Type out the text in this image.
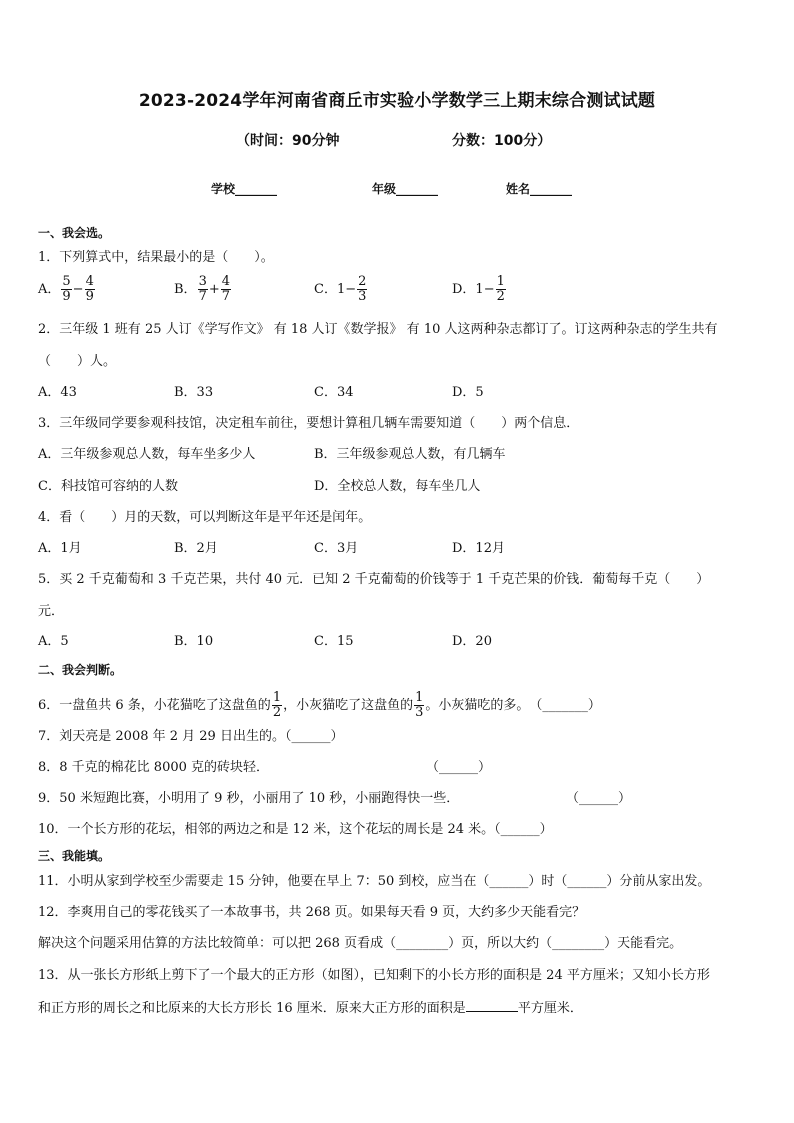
2023-2024学年河南省商丘市实验小学数学三上期末综合测试试题
（时间：90分钟	分数：100分）
学校_______	年级_______	姓名_______
一、我会选。
1．下列算式中，结果最小的是（　　）。
A． $\frac{5}{9} - \frac{4}{9}$	B． $\frac{3}{7} + \frac{4}{7}$	C．$1- \frac{2}{3}$	D．$1- \frac{1}{2}$
2．三年级 1 班有 25 人订《学写作文》 有 18 人订《数学报》 有 10 人这两种杂志都订了。订这两种杂志的学生共有
（　　）人。
A．43	B．33	C．34	D．5
3．三年级同学要参观科技馆，决定租车前往，要想计算租几辆车需要知道（　　）两个信息．
A．三年级参观总人数，每车坐多少人	B．三年级参观总人数，有几辆车
C．科技馆可容纳的人数	D．全校总人数，每车坐几人
4．看（　　）月的天数，可以判断这年是平年还是闰年。
A．1月	B．2月	C．3月	D．12月
5．买 2 千克葡萄和 3 千克芒果，共付 40 元．已知 2 千克葡萄的价钱等于 1 千克芒果的价钱．葡萄每千克（　　）
元．
A．5	B．10	C．15	D．20
二、我会判断。
6．一盘鱼共 6 条，小花猫吃了这盘鱼的 $\frac{1}{2}$ ，小灰猫吃了这盘鱼的 $\frac{1}{3}$ 。小灰猫吃的多。　（_______）
7．刘天亮是 2008 年 2 月 29 日出生的。（______）
8．8 千克的棉花比 8000 克的砖块轻．	（______）
9．50 米短跑比赛，小明用了 9 秒，小丽用了 10 秒，小丽跑得快一些．	（______）
10．一个长方形的花坛，相邻的两边之和是 12 米，这个花坛的周长是 24 米。（______）
三、我能填。
11．小明从家到学校至少需要走 15 分钟，他要在早上 7：50 到校，应当在（______）时（______）分前从家出发。
12．李爽用自己的零花钱买了一本故事书，共 268 页。如果每天看 9 页，大约多少天能看完？
解决这个问题采用估算的方法比较简单：可以把 268 页看成（________）页，所以大约（________）天能看完。
13．从一张长方形纸上剪下了一个最大的正方形（如图），已知剩下的小长方形的面积是 24 平方厘米；又知小长方形
和正方形的周长之和比原来的大长方形长 16 厘米．原来大正方形的面积是	平方厘米．
